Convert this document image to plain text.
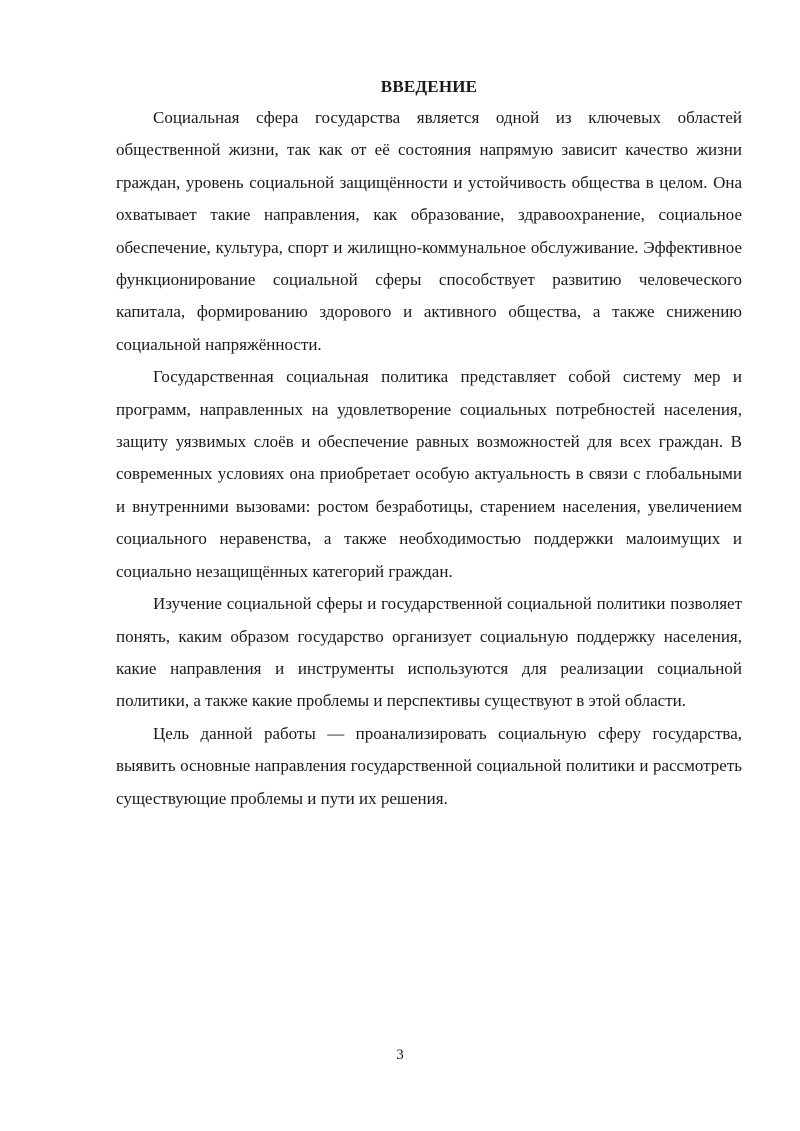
ВВЕДЕНИЕ

Социальная сфера государства является одной из ключевых областей общественной жизни, так как от её состояния напрямую зависит качество жизни граждан, уровень социальной защищённости и устойчивость общества в целом. Она охватывает такие направления, как образование, здравоохранение, социальное обеспечение, культура, спорт и жилищно-коммунальное обслуживание. Эффективное функционирование социальной сферы способствует развитию человеческого капитала, формированию здорового и активного общества, а также снижению социальной напряжённости.

Государственная социальная политика представляет собой систему мер и программ, направленных на удовлетворение социальных потребностей населения, защиту уязвимых слоёв и обеспечение равных возможностей для всех граждан. В современных условиях она приобретает особую актуальность в связи с глобальными и внутренними вызовами: ростом безработицы, старением населения, увеличением социального неравенства, а также необходимостью поддержки малоимущих и социально незащищённых категорий граждан.

Изучение социальной сферы и государственной социальной политики позволяет понять, каким образом государство организует социальную поддержку населения, какие направления и инструменты используются для реализации социальной политики, а также какие проблемы и перспективы существуют в этой области.

Цель данной работы — проанализировать социальную сферу государства, выявить основные направления государственной социальной политики и рассмотреть существующие проблемы и пути их решения.

3
